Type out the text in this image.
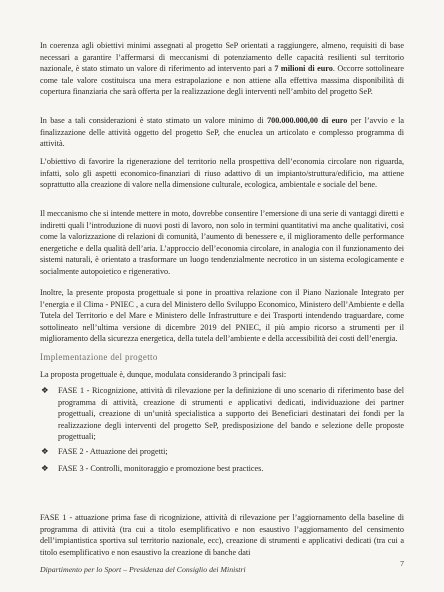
In coerenza agli obiettivi minimi assegnati al progetto SeP orientati a raggiungere, almeno, requisiti di base necessari a garantire l’affermarsi di meccanismi di potenziamento delle capacità resilienti sul territorio nazionale, è stato stimato un valore di riferimento ad intervento pari a 7 milioni di euro. Occorre sottolineare come tale valore costituisca una mera estrapolazione e non attiene alla effettiva massima disponibilità di copertura finanziaria che sarà offerta per la realizzazione degli interventi nell’ambito del progetto SeP.

In base a tali considerazioni è stato stimato un valore minimo di 700.000.000,00 di euro per l’avvio e la finalizzazione delle attività oggetto del progetto SeP, che enuclea un articolato e complesso programma di attività.

L’obiettivo di favorire la rigenerazione del territorio nella prospettiva dell’economia circolare non riguarda, infatti, solo gli aspetti economico-finanziari di riuso adattivo di un impianto/struttura/edificio, ma attiene soprattutto alla creazione di valore nella dimensione culturale, ecologica, ambientale e sociale del bene.

Il meccanismo che si intende mettere in moto, dovrebbe consentire l’emersione di una serie di vantaggi diretti e indiretti quali l’introduzione di nuovi posti di lavoro, non solo in termini quantitativi ma anche qualitativi, così come la valorizzazione di relazioni di comunità, l’aumento di benessere e, il miglioramento delle performance energetiche e della qualità dell’aria. L’approccio dell’economia circolare, in analogia con il funzionamento dei sistemi naturali, è orientato a trasformare un luogo tendenzialmente necrotico in un sistema ecologicamente e socialmente autopoietico e rigenerativo.

Inoltre, la presente proposta progettuale si pone in proattiva relazione con il Piano Nazionale Integrato per l’energia e il Clima - PNIEC , a cura del Ministero dello Sviluppo Economico, Ministero dell’Ambiente e della Tutela del Territorio e del Mare e Ministero delle Infrastrutture e dei Trasporti intendendo traguardare, come sottolineato nell’ultima versione di dicembre 2019 del PNIEC, il più ampio ricorso a strumenti per il miglioramento della sicurezza energetica, della tutela dell’ambiente e della accessibilità dei costi dell’energia.

Implementazione del progetto

La proposta progettuale è, dunque, modulata considerando 3 principali fasi:

❖ FASE 1 - Ricognizione, attività di rilevazione per la definizione di uno scenario di riferimento base del programma di attività, creazione di strumenti e applicativi dedicati, individuazione dei partner progettuali, creazione di un’unità specialistica a supporto dei Beneficiari destinatari dei fondi per la realizzazione degli interventi del progetto SeP, predisposizione del bando e selezione delle proposte progettuali;
❖ FASE 2 - Attuazione dei progetti;
❖ FASE 3 - Controlli, monitoraggio e promozione best practices.

FASE 1 - attuazione prima fase di ricognizione, attività di rilevazione per l’aggiornamento della baseline di programma di attività (tra cui a titolo esemplificativo e non esaustivo l’aggiornamento del censimento dell’impiantistica sportiva sul territorio nazionale, ecc), creazione di strumenti e applicativi dedicati (tra cui a titolo esemplificativo e non esaustivo la creazione di banche dati

Dipartimento per lo Sport – Presidenza del Consiglio dei Ministri
7
